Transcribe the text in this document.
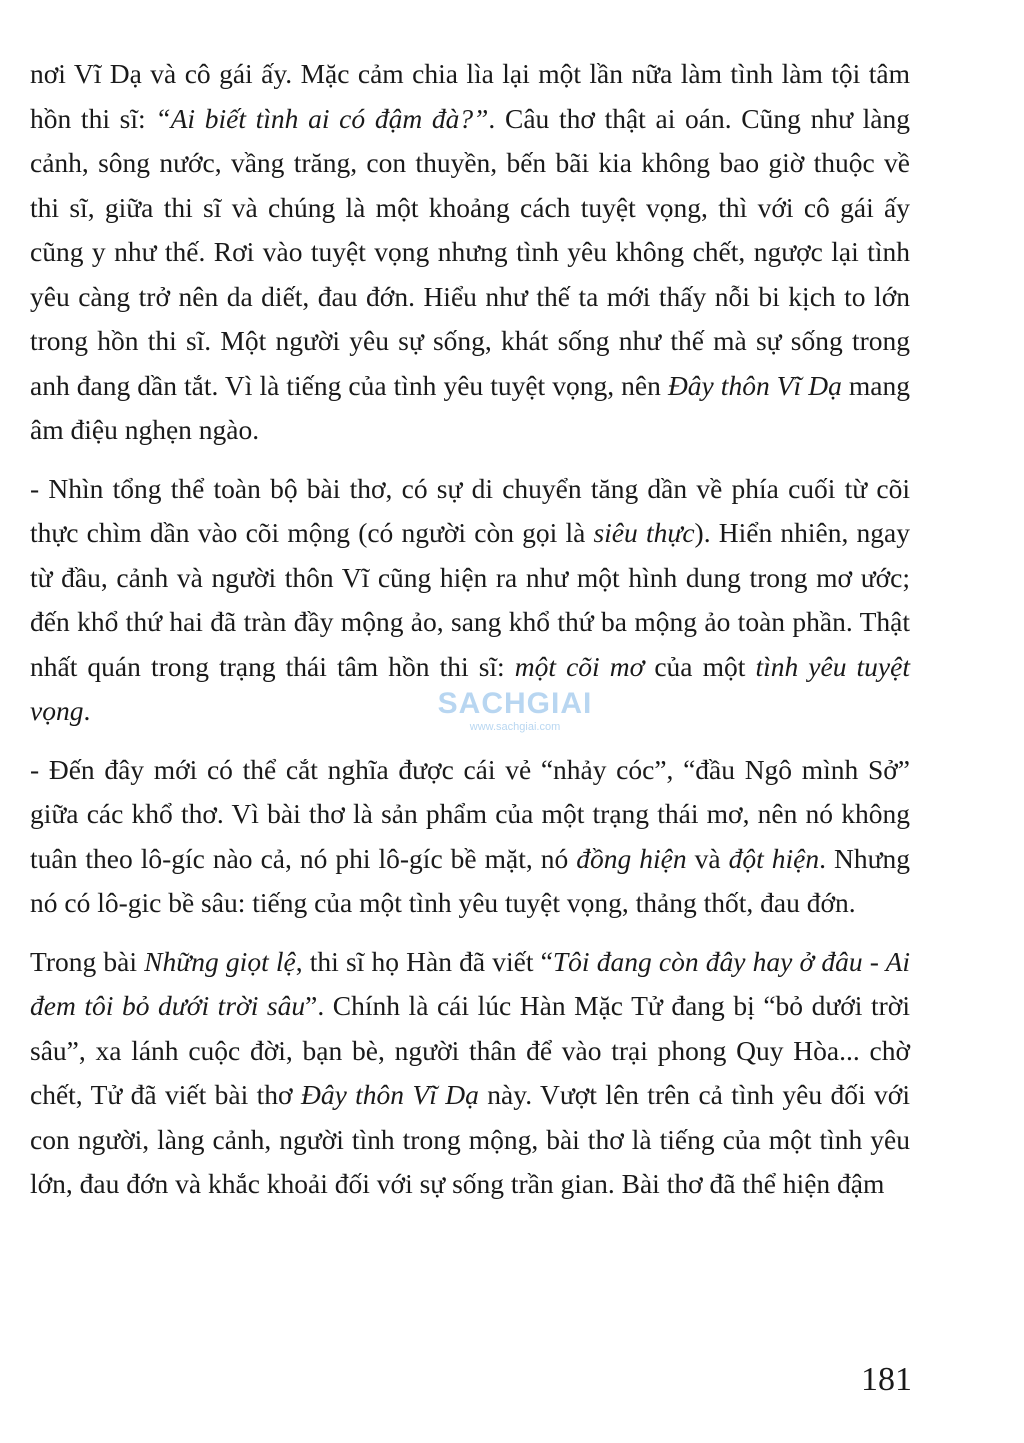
nơi Vĩ Dạ và cô gái ấy. Mặc cảm chia lìa lại một lần nữa làm tình làm tội tâm hồn thi sĩ: “Ai biết tình ai có đậm đà?”. Câu thơ thật ai oán. Cũng như làng cảnh, sông nước, vầng trăng, con thuyền, bến bãi kia không bao giờ thuộc về thi sĩ, giữa thi sĩ và chúng là một khoảng cách tuyệt vọng, thì với cô gái ấy cũng y như thế. Rơi vào tuyệt vọng nhưng tình yêu không chết, ngược lại tình yêu càng trở nên da diết, đau đớn. Hiểu như thế ta mới thấy nỗi bi kịch to lớn trong hồn thi sĩ. Một người yêu sự sống, khát sống như thế mà sự sống trong anh đang dần tắt. Vì là tiếng của tình yêu tuyệt vọng, nên Đây thôn Vĩ Dạ mang âm điệu nghẹn ngào.

- Nhìn tổng thể toàn bộ bài thơ, có sự di chuyển tăng dần về phía cuối từ cõi thực chìm dần vào cõi mộng (có người còn gọi là siêu thực). Hiển nhiên, ngay từ đầu, cảnh và người thôn Vĩ cũng hiện ra như một hình dung trong mơ ước; đến khổ thứ hai đã tràn đầy mộng ảo, sang khổ thứ ba mộng ảo toàn phần. Thật nhất quán trong trạng thái tâm hồn thi sĩ: một cõi mơ của một tình yêu tuyệt vọng.

- Đến đây mới có thể cắt nghĩa được cái vẻ “nhảy cóc”, “đầu Ngô mình Sở” giữa các khổ thơ. Vì bài thơ là sản phẩm của một trạng thái mơ, nên nó không tuân theo lô-gíc nào cả, nó phi lô-gíc bề mặt, nó đồng hiện và đột hiện. Nhưng nó có lô-gic bề sâu: tiếng của một tình yêu tuyệt vọng, thảng thốt, đau đớn.

Trong bài Những giọt lệ, thi sĩ họ Hàn đã viết “Tôi đang còn đây hay ở đâu - Ai đem tôi bỏ dưới trời sâu”. Chính là cái lúc Hàn Mặc Tử đang bị “bỏ dưới trời sâu”, xa lánh cuộc đời, bạn bè, người thân để vào trại phong Quy Hòa... chờ chết, Tử đã viết bài thơ Đây thôn Vĩ Dạ này. Vượt lên trên cả tình yêu đối với con người, làng cảnh, người tình trong mộng, bài thơ là tiếng của một tình yêu lớn, đau đớn và khắc khoải đối với sự sống trần gian. Bài thơ đã thể hiện đậm

SACHGIAI
www.sachgiai.com
181
